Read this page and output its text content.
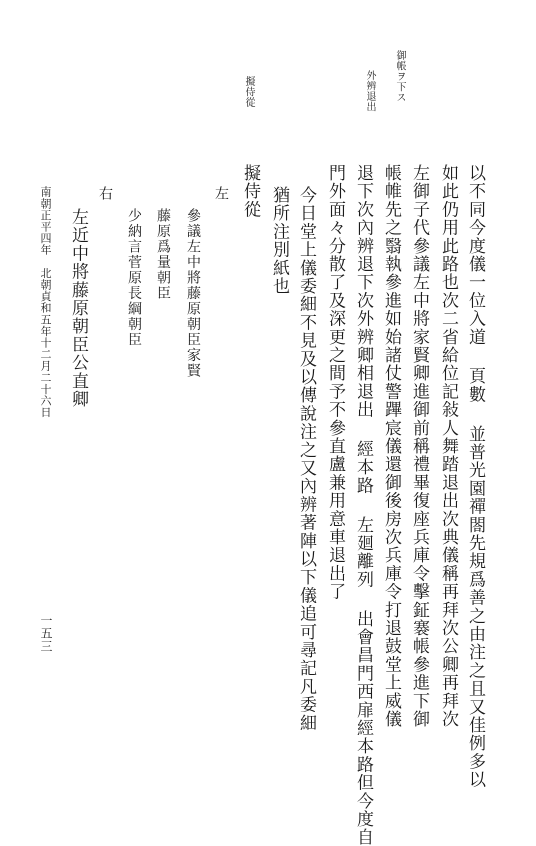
御帳ヲ下ス
外辨退出
擬侍從
以不同今度儀一位入道 頁數 並普光園禪閤先規爲善之由注之且又佳例多以
如此仍用此路也次二省給位記敍人舞踏退出次典儀稱再拜次公卿再拜次
左御子代參議左中將家賢卿進御前稱禮畢復座兵庫令擊鉦褰帳參進下御
帳帷先之翳執參進如始諸仗警蹕宸儀還御後房次兵庫令打退鼓堂上威儀
退下次內辨退下次外辨卿相退出 經本路 左廻離列 出會昌門西扉經本路但今度自
門外面々分散了及深更之間予不參直盧兼用意車退出了
今日堂上儀委細不見及以傳說注之又內辨著陣以下儀追可尋記凡委細
猶所注別紙也
擬侍從
左
參議左中將藤原朝臣家賢
藤原爲量朝臣
少納言菅原長綱朝臣
右
左近中將藤原朝臣公直卿
南朝正平四年　北朝貞和五年十二月二十六日
一五三
